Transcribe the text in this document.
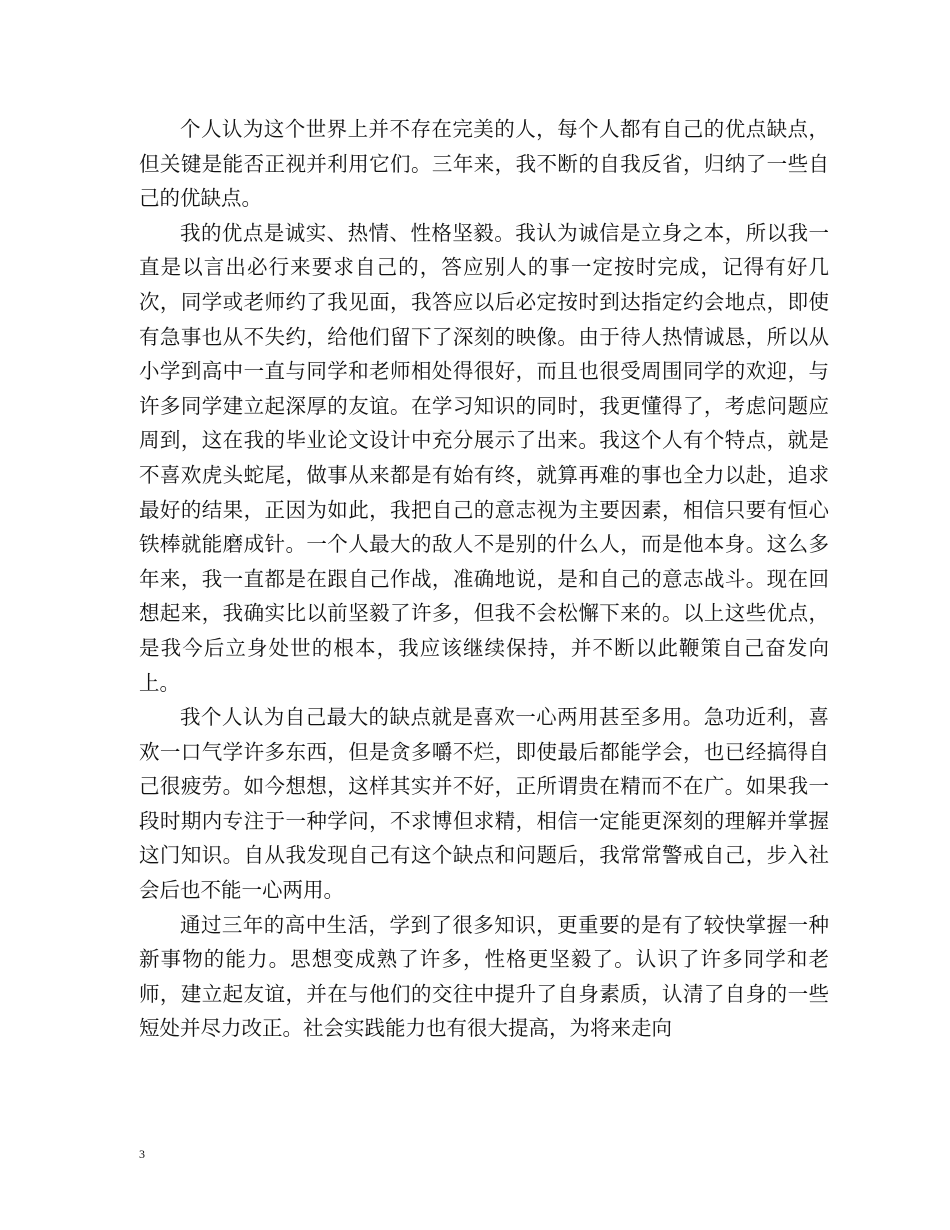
个人认为这个世界上并不存在完美的人，每个人都有自己的优点缺点，但关键是能否正视并利用它们。三年来，我不断的自我反省，归纳了一些自己的优缺点。

我的优点是诚实、热情、性格坚毅。我认为诚信是立身之本，所以我一直是以言出必行来要求自己的，答应别人的事一定按时完成，记得有好几次，同学或老师约了我见面，我答应以后必定按时到达指定约会地点，即使有急事也从不失约，给他们留下了深刻的映像。由于待人热情诚恳，所以从小学到高中一直与同学和老师相处得很好，而且也很受周围同学的欢迎，与许多同学建立起深厚的友谊。在学习知识的同时，我更懂得了，考虑问题应周到，这在我的毕业论文设计中充分展示了出来。我这个人有个特点，就是不喜欢虎头蛇尾，做事从来都是有始有终，就算再难的事也全力以赴，追求最好的结果，正因为如此，我把自己的意志视为主要因素，相信只要有恒心铁棒就能磨成针。一个人最大的敌人不是别的什么人，而是他本身。这么多年来，我一直都是在跟自己作战，准确地说，是和自己的意志战斗。现在回想起来，我确实比以前坚毅了许多，但我不会松懈下来的。以上这些优点，是我今后立身处世的根本，我应该继续保持，并不断以此鞭策自己奋发向上。

我个人认为自己最大的缺点就是喜欢一心两用甚至多用。急功近利，喜欢一口气学许多东西，但是贪多嚼不烂，即使最后都能学会，也已经搞得自己很疲劳。如今想想，这样其实并不好，正所谓贵在精而不在广。如果我一段时期内专注于一种学问，不求博但求精，相信一定能更深刻的理解并掌握这门知识。自从我发现自己有这个缺点和问题后，我常常警戒自己，步入社会后也不能一心两用。

通过三年的高中生活，学到了很多知识，更重要的是有了较快掌握一种新事物的能力。思想变成熟了许多，性格更坚毅了。认识了许多同学和老师，建立起友谊，并在与他们的交往中提升了自身素质，认清了自身的一些短处并尽力改正。社会实践能力也有很大提高，为将来走向

3
